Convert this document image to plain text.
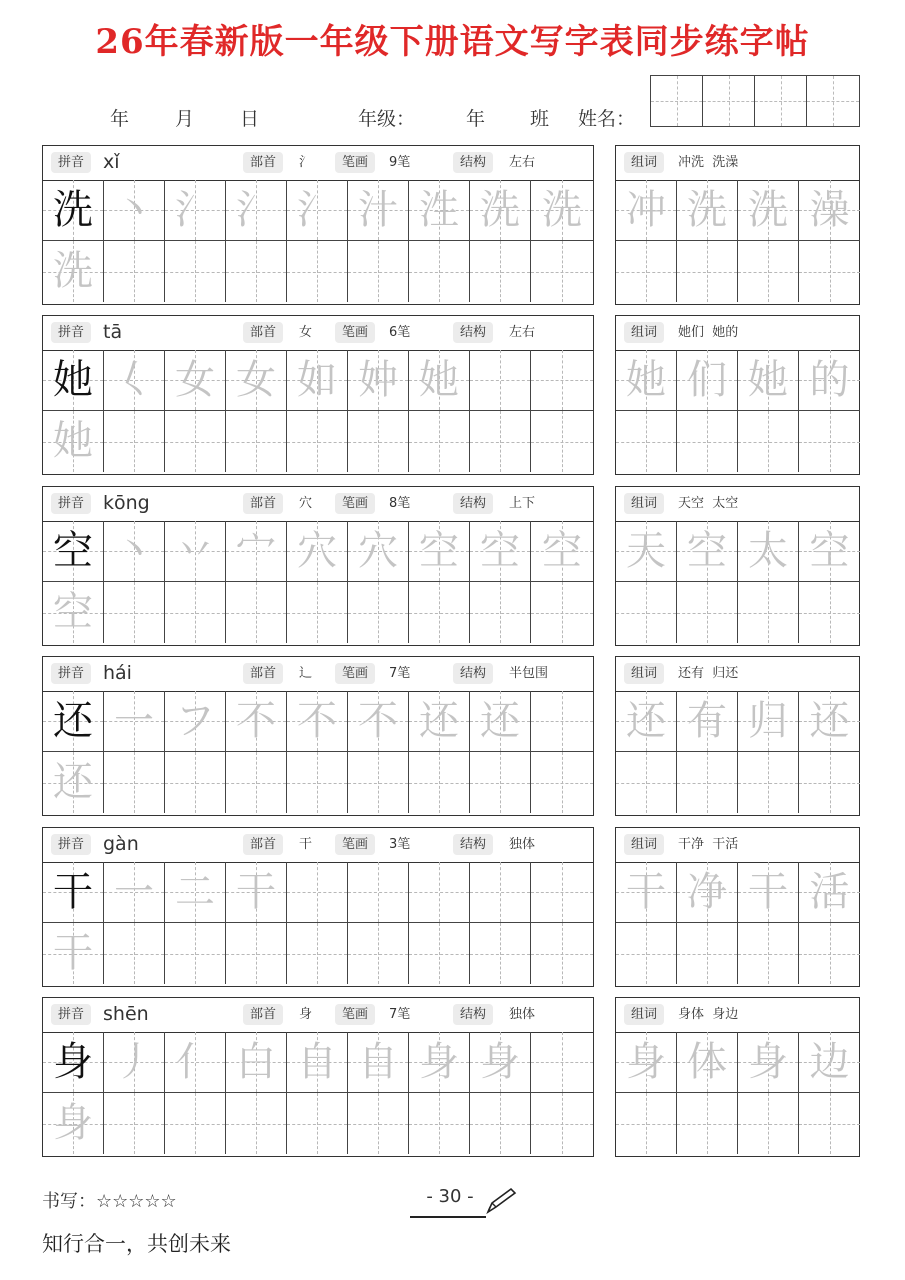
26年春新版一年级下册语文写字表同步练字帖
年 月 日	年级：	年 班 姓名：
拼音 xǐ	部首	氵	笔画	9笔	结构	左右
洗 丶 氵 氵 氵 汁 泩 洗 洗
洗
组词	冲洗  洗澡
冲 洗 洗 澡
拼音 tā	部首	女	笔画	6笔	结构	左右
她 𡿨 女 女 如 妕 她
她
组词	她们  她的
她 们 她 的
拼音 kōng	部首	穴	笔画	8笔	结构	上下
空 丶 丷 宀 穴 穴 空 空 空
空
组词	天空  太空
天 空 太 空
拼音 hái	部首	辶	笔画	7笔	结构	半包围
还 一 フ 不 不 不 还 还
还
组词	还有  归还
还 有 归 还
拼音 gàn	部首	干	笔画	3笔	结构	独体
干 一 二 干
干
组词	干净  干活
干 净 干 活
拼音 shēn	部首	身	笔画	7笔	结构	独体
身 丿 亻 白 自 自 身 身
身
组词	身体  身边
身 体 身 边
书写：☆☆☆☆☆	- 30 -
知行合一，共创未来
